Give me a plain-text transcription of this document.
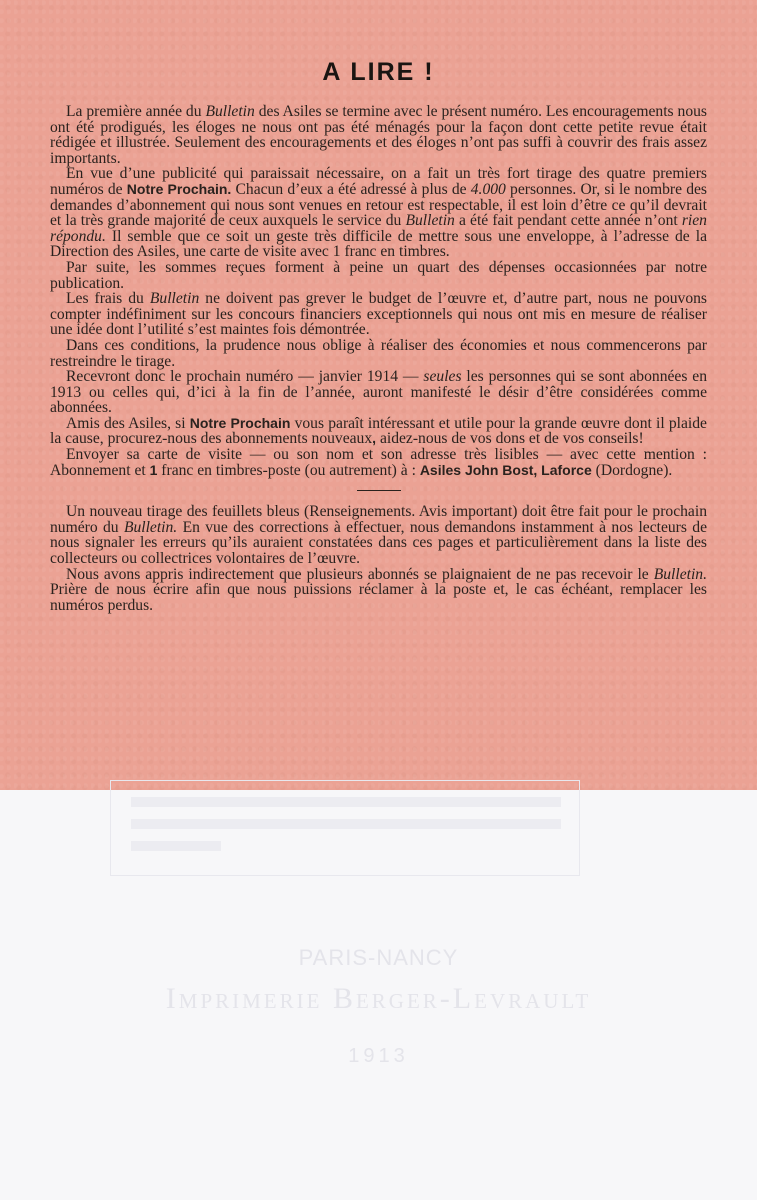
A LIRE !

La première année du Bulletin des Asiles se termine avec le présent numéro. Les encouragements nous ont été prodigués, les éloges ne nous ont pas été ménagés pour la façon dont cette petite revue était rédigée et illustrée. Seulement des encouragements et des éloges n’ont pas suffi à couvrir des frais assez importants.

En vue d’une publicité qui paraissait nécessaire, on a fait un très fort tirage des quatre premiers numéros de Notre Prochain. Chacun d’eux a été adressé à plus de 4.000 personnes. Or, si le nombre des demandes d’abonnement qui nous sont venues en retour est respectable, il est loin d’être ce qu’il devrait et la très grande majorité de ceux auxquels le service du Bulletin a été fait pendant cette année n’ont rien répondu. Il semble que ce soit un geste très difficile de mettre sous une enveloppe, à l’adresse de la Direction des Asiles, une carte de visite avec 1 franc en timbres.

Par suite, les sommes reçues forment à peine un quart des dépenses occasionnées par notre publication.

Les frais du Bulletin ne doivent pas grever le budget de l’œuvre et, d’autre part, nous ne pouvons compter indéfiniment sur les concours financiers exceptionnels qui nous ont mis en mesure de réaliser une idée dont l’utilité s’est maintes fois démontrée.

Dans ces conditions, la prudence nous oblige à réaliser des économies et nous commencerons par restreindre le tirage.

Recevront donc le prochain numéro — janvier 1914 — seules les personnes qui se sont abonnées en 1913 ou celles qui, d’ici à la fin de l’année, auront manifesté le désir d’être considérées comme abonnées.

Amis des Asiles, si Notre Prochain vous paraît intéressant et utile pour la grande œuvre dont il plaide la cause, procurez-nous des abonnements nouveaux, aidez-nous de vos dons et de vos conseils!

Envoyer sa carte de visite — ou son nom et son adresse très lisibles — avec cette mention : Abonnement et 1 franc en timbres-poste (ou autrement) à : Asiles John Bost, Laforce (Dordogne).

Un nouveau tirage des feuillets bleus (Renseignements. Avis important) doit être fait pour le prochain numéro du Bulletin. En vue des corrections à effectuer, nous demandons instamment à nos lecteurs de nous signaler les erreurs qu’ils auraient constatées dans ces pages et particulièrement dans la liste des collecteurs ou collectrices volontaires de l’œuvre.

Nous avons appris indirectement que plusieurs abonnés se plaignaient de ne pas recevoir le Bulletin. Prière de nous écrire afin que nous puissions réclamer à la poste et, le cas échéant, remplacer les numéros perdus.

PARIS-NANCY
Imprimerie Berger-Levrault
1913
